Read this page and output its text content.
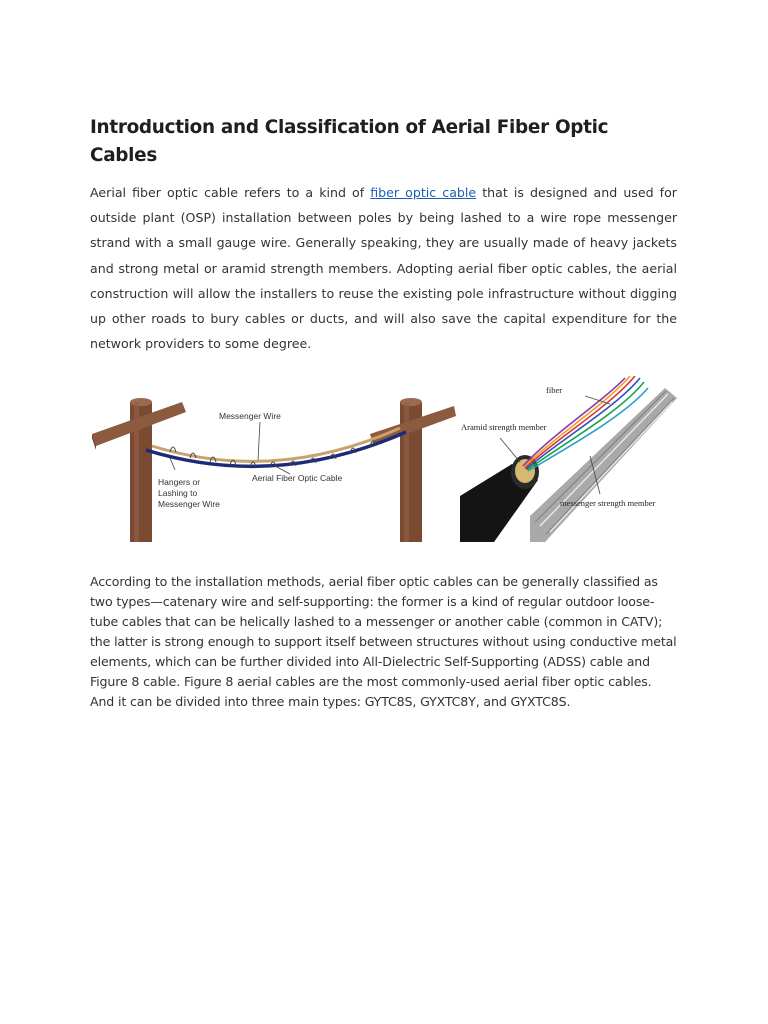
Introduction and Classification of Aerial Fiber Optic Cables

Aerial fiber optic cable refers to a kind of fiber optic cable that is designed and used for outside plant (OSP) installation between poles by being lashed to a wire rope messenger strand with a small gauge wire. Generally speaking, they are usually made of heavy jackets and strong metal or aramid strength members. Adopting aerial fiber optic cables, the aerial construction will allow the installers to reuse the existing pole infrastructure without digging up other roads to bury cables or ducts, and will also save the capital expenditure for the network providers to some degree.

Messenger Wire
Aerial Fiber Optic Cable
Hangers or
Lashing to
Messenger Wire
fiber
Aramid strength member
messenger strength member

According to the installation methods, aerial fiber optic cables can be generally classified as two types—catenary wire and self-supporting: the former is a kind of regular outdoor loose-tube cables that can be helically lashed to a messenger or another cable (common in CATV); the latter is strong enough to support itself between structures without using conductive metal elements, which can be further divided into All-Dielectric Self-Supporting (ADSS) cable and Figure 8 cable. Figure 8 aerial cables are the most commonly-used aerial fiber optic cables. And it can be divided into three main types: GYTC8S, GYXTC8Y, and GYXTC8S.
